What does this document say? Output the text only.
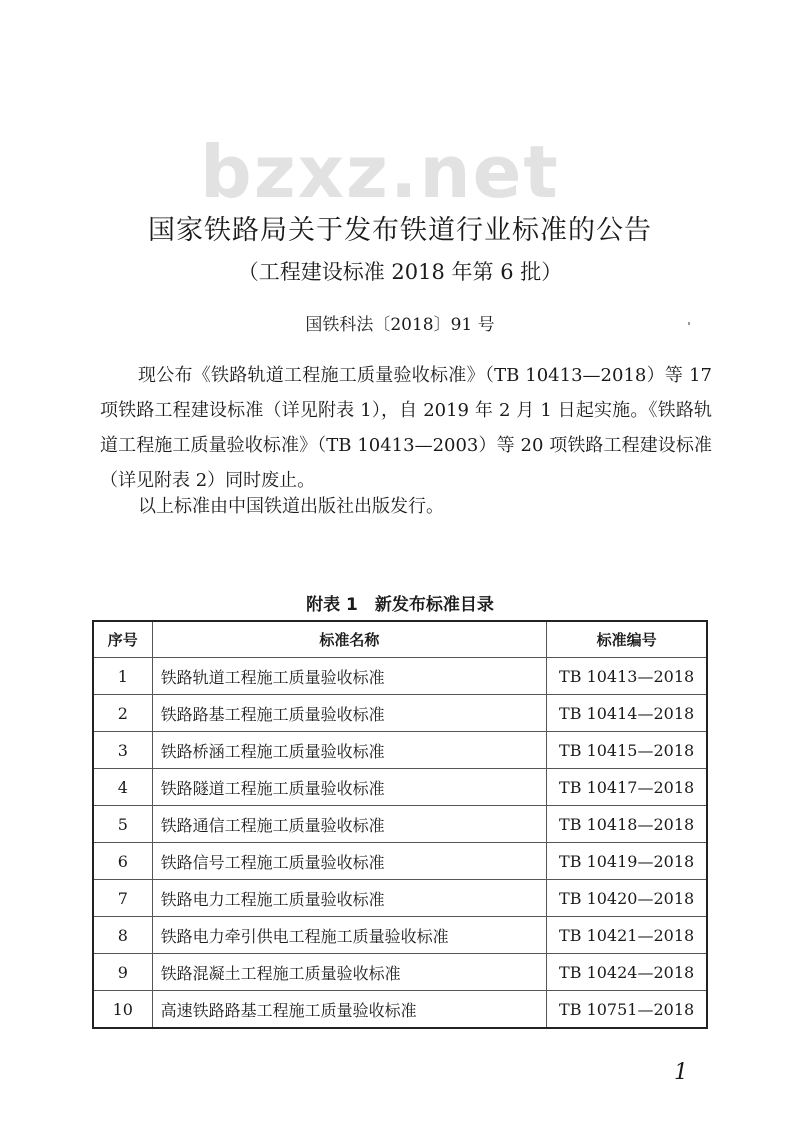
bzxz.net
国家铁路局关于发布铁道行业标准的公告
（工程建设标准 2018 年第 6 批）
国铁科法〔2018〕91 号

现公布《铁路轨道工程施工质量验收标准》（TB 10413—2018）等 17 项铁路工程建设标准（详见附表 1），自 2019 年 2 月 1 日起实施。《铁路轨道工程施工质量验收标准》（TB 10413—2003）等 20 项铁路工程建设标准（详见附表 2）同时废止。

以上标准由中国铁道出版社出版发行。

附表 1　新发布标准目录
序号	标准名称	标准编号
1	铁路轨道工程施工质量验收标准	TB 10413—2018
2	铁路路基工程施工质量验收标准	TB 10414—2018
3	铁路桥涵工程施工质量验收标准	TB 10415—2018
4	铁路隧道工程施工质量验收标准	TB 10417—2018
5	铁路通信工程施工质量验收标准	TB 10418—2018
6	铁路信号工程施工质量验收标准	TB 10419—2018
7	铁路电力工程施工质量验收标准	TB 10420—2018
8	铁路电力牵引供电工程施工质量验收标准	TB 10421—2018
9	铁路混凝土工程施工质量验收标准	TB 10424—2018
10	高速铁路路基工程施工质量验收标准	TB 10751—2018
1
